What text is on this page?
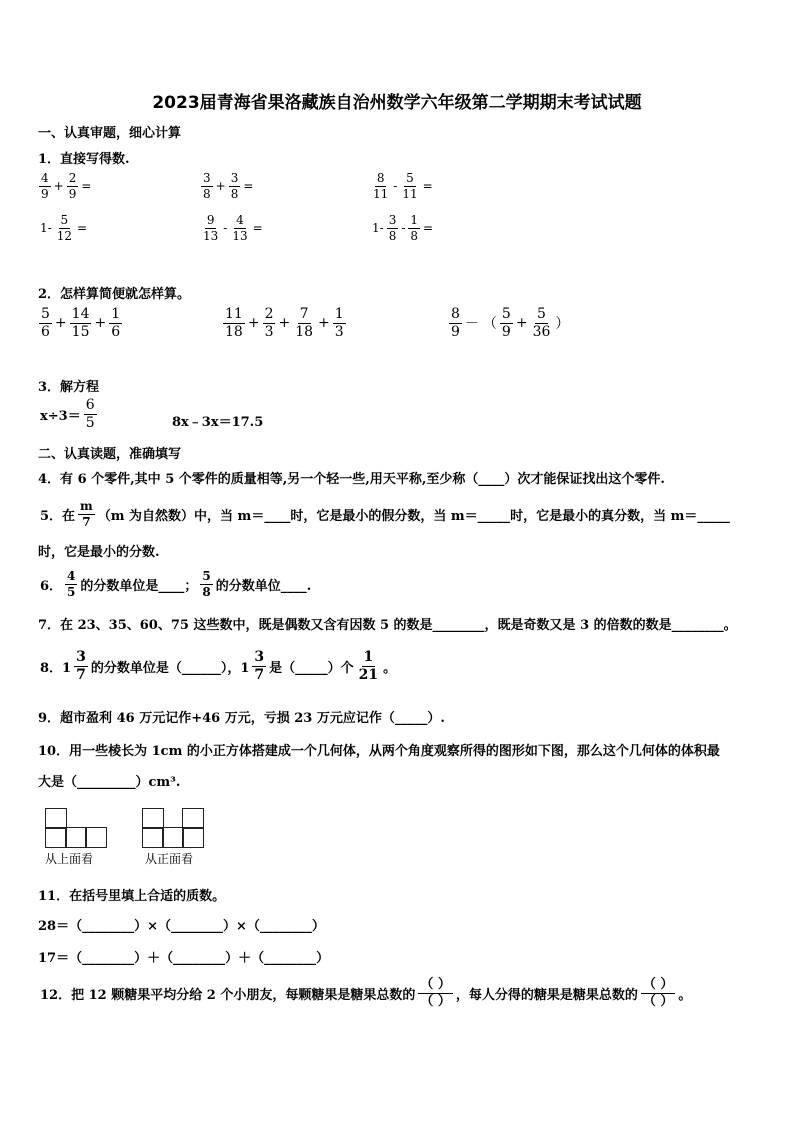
2023届青海省果洛藏族自治州数学六年级第二学期期末考试试题
一、认真审题，细心计算
1．直接写得数.
$\frac{4}{9} + \frac{2}{9}$ =	$\frac{3}{8} + \frac{3}{8}$ =	$\frac{8}{11} - \frac{5}{11}$ =
$1- \frac{5}{12}$ =	$\frac{9}{13} - \frac{4}{13}$ =	$1- \frac{3}{8} - \frac{1}{8}$ =
2．怎样算简便就怎样算。
$\frac{5}{6} + \frac{14}{15} + \frac{1}{6}$	$\frac{11}{18} + \frac{2}{3} + \frac{7}{18} + \frac{1}{3}$	$\frac{8}{9}$ － （ $\frac{5}{9} + \frac{5}{36}$ ）
3．解方程
$x\div 3= \frac{6}{5}$	8x﹣3x＝17.5
二、认真读题，准确填写
4．有 6 个零件,其中 5 个零件的质量相等,另一个轻一些,用天平称,至少称（____）次才能保证找出这个零件.
5．在 $\frac{m}{7} (m$ 为自然数）中，当 m＝____时，它是最小的假分数，当 m＝_____时，它是最小的真分数，当 m＝_____
时，它是最小的分数.
6． $\frac{4}{5}$ 的分数单位是____； $\frac{5}{8}$ 的分数单位____.
7．在 23、35、60、75 这些数中，既是偶数又含有因数 5 的数是________，既是奇数又是 3 的倍数的数是________。
8．$1 \frac{3}{7}$ 的分数单位是（______），$1 \frac{3}{7}$ 是（_____）个 $\frac{1}{21}$ 。
9．超市盈利 46 万元记作+46 万元，亏损 23 万元应记作（_____）.
10．用一些棱长为 1cm 的小正方体搭建成一个几何体，从两个角度观察所得的图形如下图，那么这个几何体的体积最
大是（_________）cm³.
从上面看	从正面看
11．在括号里填上合适的质数。
28＝（________）×（________）×（________）
17＝（________）＋（________）＋（________）
12．把 12 颗糖果平均分给 2 个小朋友，每颗糖果是糖果总数的 $\frac{( )}{( )}$ ，每人分得的糖果是糖果总数的 $\frac{( )}{( )}$ 。
